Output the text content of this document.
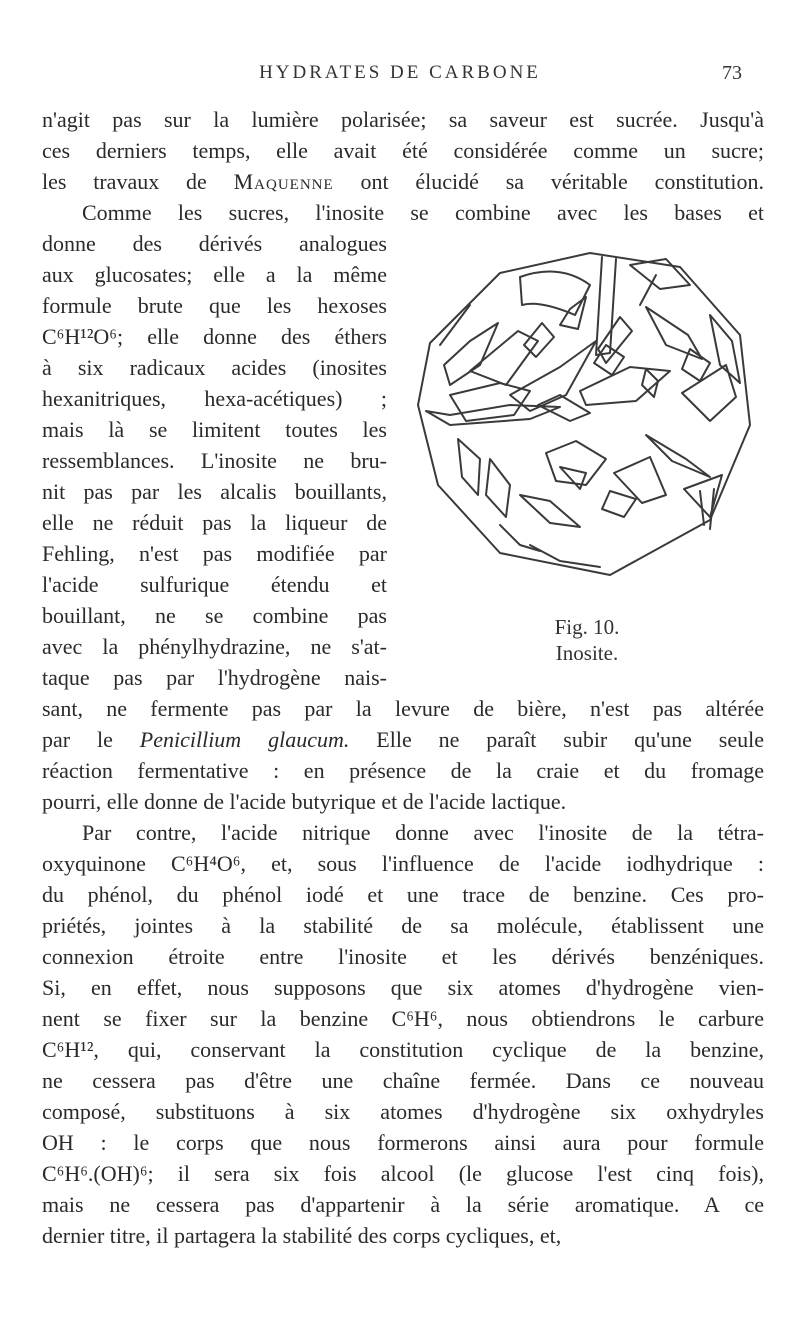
HYDRATES DE CARBONE	73
n'agit pas sur la lumière polarisée; sa saveur est sucrée. Jusqu'à
ces derniers temps, elle avait été considérée comme un sucre;
les travaux de Maquenne ont élucidé sa véritable constitution.
Comme les sucres, l'inosite se combine avec les bases et
donne des dérivés analogues
aux glucosates; elle a la même
formule brute que les hexoses
C⁶H¹²O⁶; elle donne des éthers
à six radicaux acides (inosites
hexanitriques, hexa-acétiques) ;
mais là se limitent toutes les
ressemblances. L'inosite ne bru-
nit pas par les alcalis bouillants,
elle ne réduit pas la liqueur de
Fehling, n'est pas modifiée par
l'acide sulfurique étendu et
bouillant, ne se combine pas
avec la phénylhydrazine, ne s'at-
taque pas par l'hydrogène nais-
sant, ne fermente pas par la levure de bière, n'est pas altérée
par le Penicillium glaucum. Elle ne paraît subir qu'une seule
réaction fermentative : en présence de la craie et du fromage
pourri, elle donne de l'acide butyrique et de l'acide lactique.
Par contre, l'acide nitrique donne avec l'inosite de la tétra-
oxyquinone C⁶H⁴O⁶, et, sous l'influence de l'acide iodhydrique :
du phénol, du phénol iodé et une trace de benzine. Ces pro-
priétés, jointes à la stabilité de sa molécule, établissent une
connexion étroite entre l'inosite et les dérivés benzéniques.
Si, en effet, nous supposons que six atomes d'hydrogène vien-
nent se fixer sur la benzine C⁶H⁶, nous obtiendrons le carbure
C⁶H¹², qui, conservant la constitution cyclique de la benzine,
ne cessera pas d'être une chaîne fermée. Dans ce nouveau
composé, substituons à six atomes d'hydrogène six oxhydryles
OH : le corps que nous formerons ainsi aura pour formule
C⁶H⁶.(OH)⁶; il sera six fois alcool (le glucose l'est cinq fois),
mais ne cessera pas d'appartenir à la série aromatique. A ce
dernier titre, il partagera la stabilité des corps cycliques, et,
Fig. 10.
Inosite.
